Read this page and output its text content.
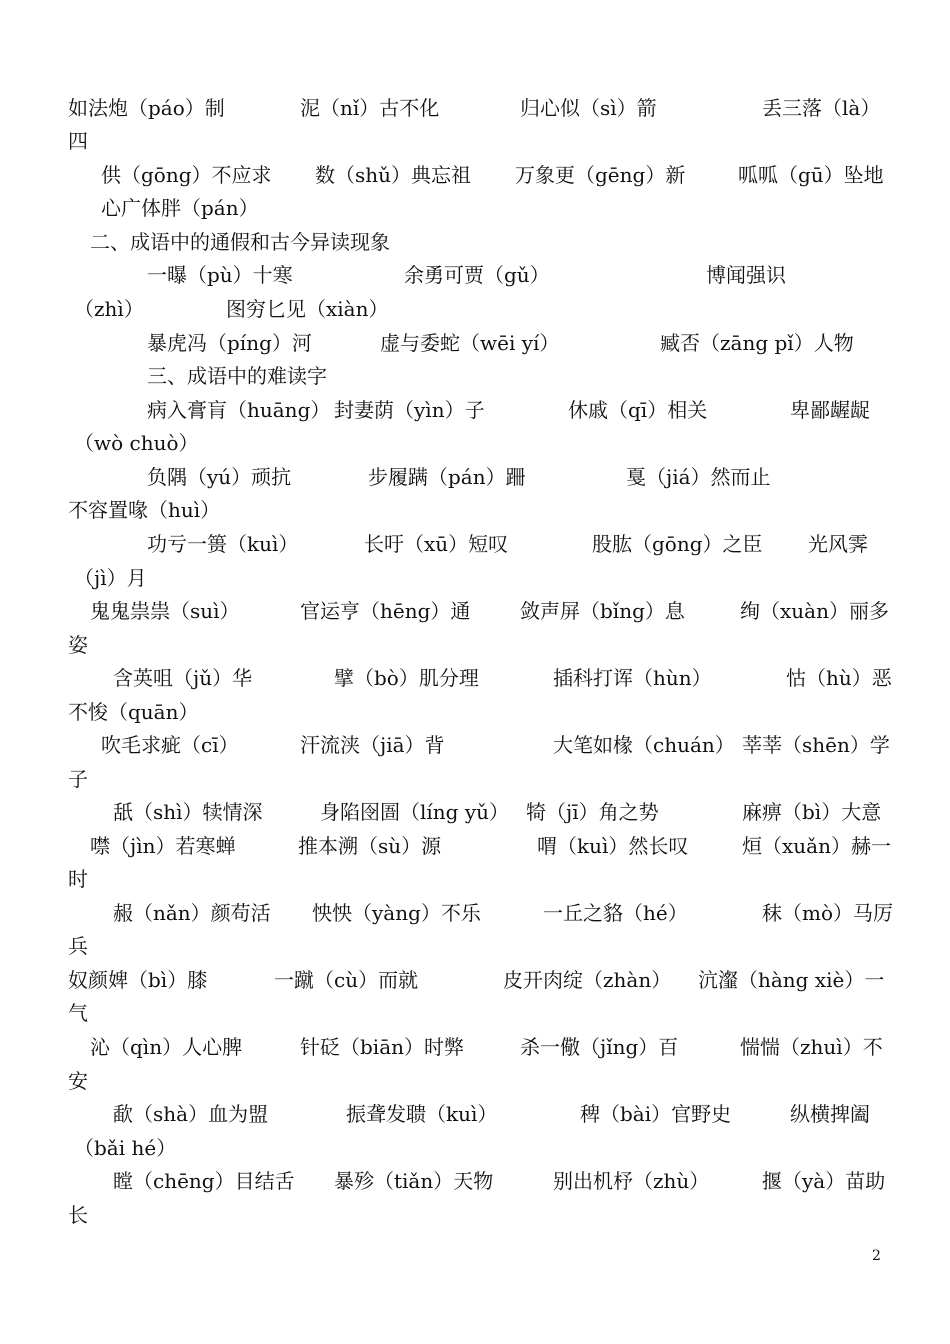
如法炮（páo）制	泥（nǐ）古不化	归心似（sì）箭	丢三落（là）
四
供（gōng）不应求 数（shǔ）典忘祖 万象更（gēng）新	呱呱（gū）坠地
心广体胖（pán）
二、成语中的通假和古今异读现象
一曝（pù）十寒	余勇可贾（gǔ）	博闻强识
（zhì）	图穷匕见（xiàn）
暴虎冯（píng）河	虚与委蛇（wēi yí）	臧否（zāng pǐ）人物
三、成语中的难读字
病入膏肓（huāng） 封妻荫（yìn）子	休戚（qī）相关	卑鄙龌龊
（wò chuò）
负隅（yú）顽抗	步履蹒（pán）跚	戛（jiá）然而止
不容置喙（huì）
功亏一篑（kuì）	长吁（xū）短叹	股肱（gōng）之臣 光风霁
（jì）月
鬼鬼祟祟（suì）	官运亨（hēng）通 敛声屏（bǐng）息	绚（xuàn）丽多
姿
含英咀（jǔ）华	擘（bò）肌分理	插科打诨（hùn）	怙（hù）恶
不悛（quān）
吹毛求疵（cī）	汗流浃（jiā）背	大笔如椽（chuán） 莘莘（shēn）学
子
舐（shì）犊情深	身陷囹圄（líng yǔ） 犄（jī）角之势	麻痹（bì）大意
噤（jìn）若寒蝉	推本溯（sù）源	喟（kuì）然长叹	烜（xuǎn）赫一
时
赧（nǎn）颜苟活 怏怏（yàng）不乐	一丘之貉（hé）	秣（mò）马厉
兵
奴颜婢（bì）膝	一蹴（cù）而就	皮开肉绽（zhàn） 沆瀣（hàng xiè）一
气
沁（qìn）人心脾	针砭（biān）时弊	杀一儆（jǐng）百	惴惴（zhuì）不
安
歃（shà）血为盟	振聋发聩（kuì）	稗（bài）官野史	纵横捭阖
（bǎi hé）
瞠（chēng）目结舌 暴殄（tiǎn）天物	别出机杼（zhù）	揠（yà）苗助
长
2
